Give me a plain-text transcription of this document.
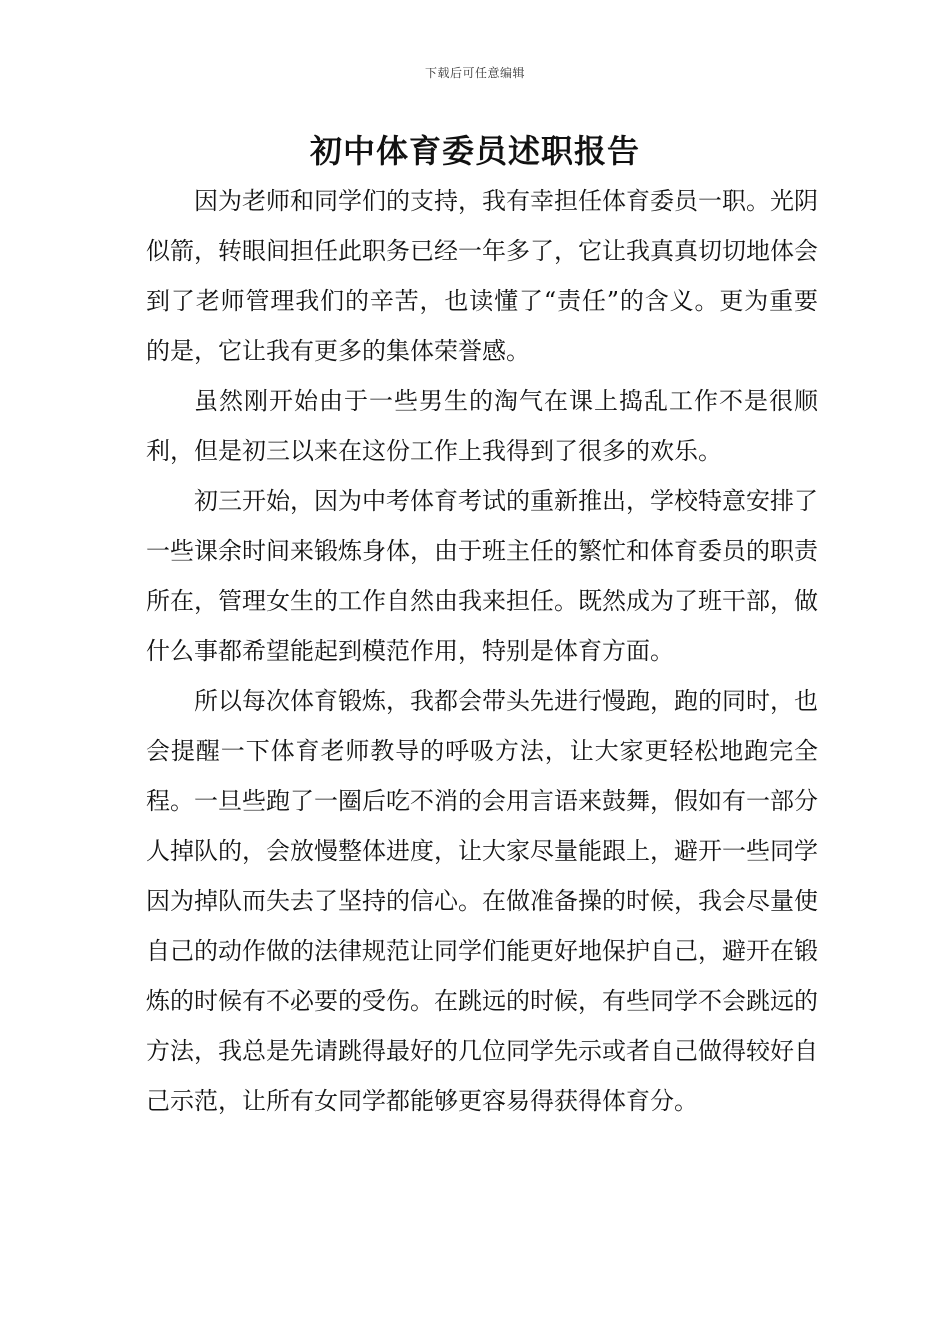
下载后可任意编辑
初中体育委员述职报告

因为老师和同学们的支持，我有幸担任体育委员一职。光阴似箭，转眼间担任此职务已经一年多了，它让我真真切切地体会到了老师管理我们的辛苦，也读懂了“责任”的含义。更为重要的是，它让我有更多的集体荣誉感。

虽然刚开始由于一些男生的淘气在课上捣乱工作不是很顺利，但是初三以来在这份工作上我得到了很多的欢乐。

初三开始，因为中考体育考试的重新推出，学校特意安排了一些课余时间来锻炼身体，由于班主任的繁忙和体育委员的职责所在，管理女生的工作自然由我来担任。既然成为了班干部，做什么事都希望能起到模范作用，特别是体育方面。

所以每次体育锻炼，我都会带头先进行慢跑，跑的同时，也会提醒一下体育老师教导的呼吸方法，让大家更轻松地跑完全程。一旦些跑了一圈后吃不消的会用言语来鼓舞，假如有一部分人掉队的，会放慢整体进度，让大家尽量能跟上，避开一些同学因为掉队而失去了坚持的信心。在做准备操的时候，我会尽量使自己的动作做的法律规范让同学们能更好地保护自己，避开在锻炼的时候有不必要的受伤。在跳远的时候，有些同学不会跳远的方法，我总是先请跳得最好的几位同学先示或者自己做得较好自己示范，让所有女同学都能够更容易得获得体育分。
